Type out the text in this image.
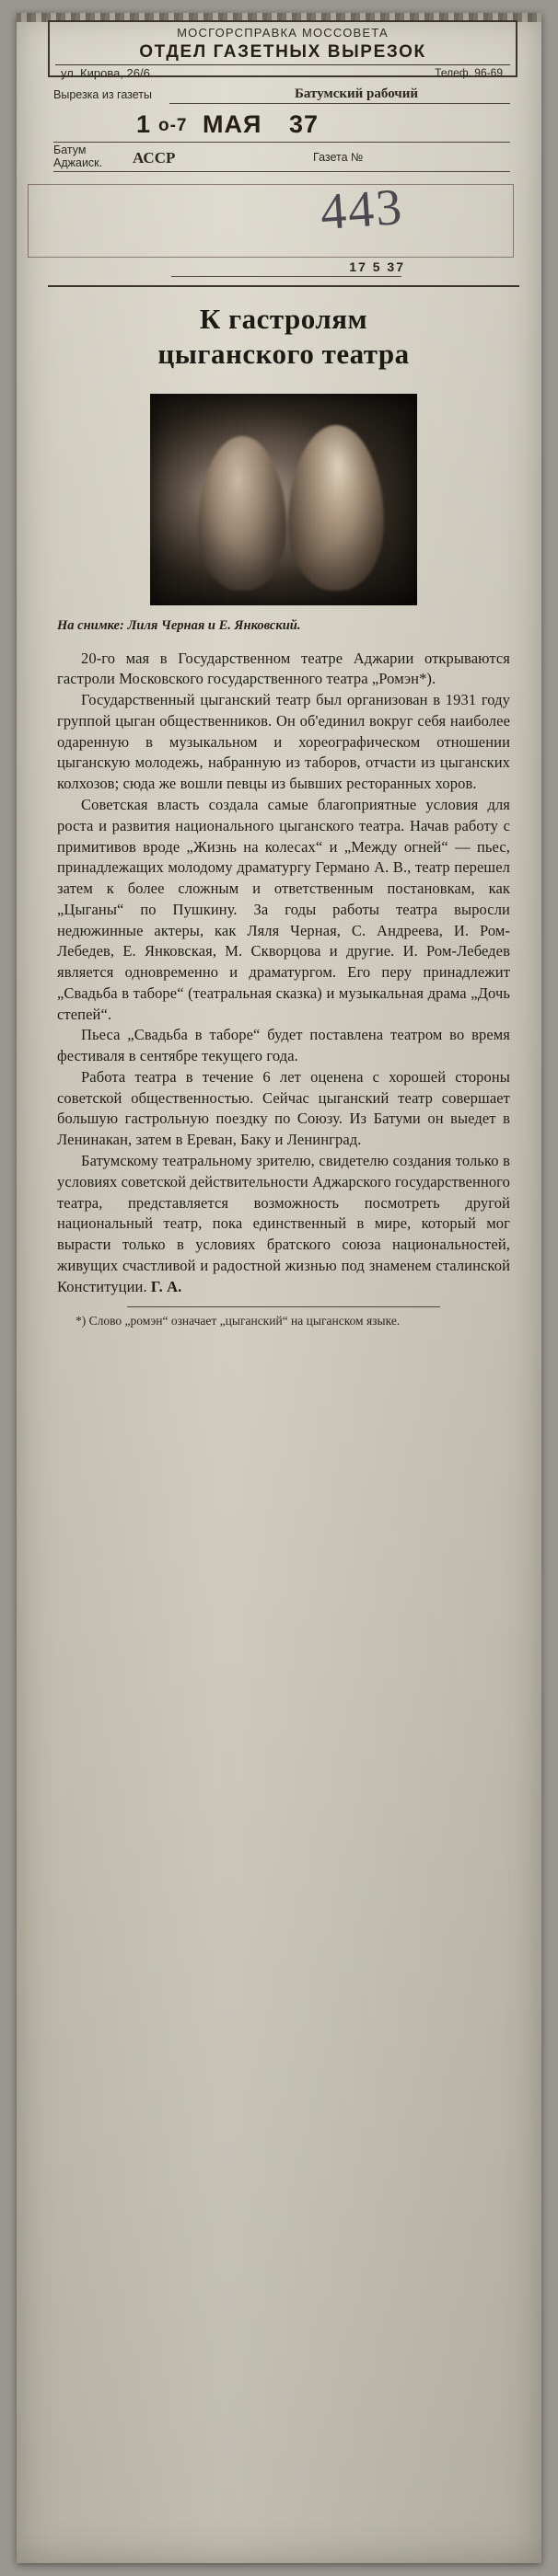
МОСГОРСПРАВКА МОССОВЕТА
ОТДЕЛ ГАЗЕТНЫХ ВЫРЕЗОК
ул. Кирова, 26/6.	Телеф. 96-69
Вырезка из газеты	Батумский рабочий
1 о-7 МАЯ 37
Батум
Аджаиск. АССР	Газета №
443
17 5 37
К гастролям
цыганского театра
На снимке: Лиля Черная и Е. Янковский.

20-го мая в Государственном театре Аджарии открываются гастроли Московского государственного театра „Ромэн*).

Государственный цыганский театр был организован в 1931 году группой цыган общественников. Он об'единил вокруг себя наиболее одаренную в музыкальном и хореографическом отношении цыганскую молодежь, набранную из таборов, отчасти из цыганских колхозов; сюда же вошли певцы из бывших ресторанных хоров.

Советская власть создала самые благоприятные условия для роста и развития национального цыганского театра. Начав работу с примитивов вроде „Жизнь на колесах“ и „Между огней“ — пьес, принадлежащих молодому драматургу Германо А. В., театр перешел затем к более сложным и ответственным постановкам, как „Цыганы“ по Пушкину. За годы работы театра выросли недюжинные актеры, как Ляля Черная, С. Андреева, И. Ром-Лебедев, Е. Янковская, М. Скворцова и другие. И. Ром-Лебедев является одновременно и драматургом. Его перу принадлежит „Свадьба в таборе“ (театральная сказка) и музыкальная драма „Дочь степей“.

Пьеса „Свадьба в таборе“ будет поставлена театром во время фестиваля в сентябре текущего года.

Работа театра в течение 6 лет оценена с хорошей стороны советской общественностью. Сейчас цыганский театр совершает большую гастрольную поездку по Союзу. Из Батуми он выедет в Ленинакан, затем в Ереван, Баку и Ленинград.

Батумскому театральному зрителю, свидетелю создания только в условиях советской действительности Аджарского государственного театра, представляется возможность посмотреть другой национальный театр, пока единственный в мире, который мог вырасти только в условиях братского союза национальностей, живущих счастливой и радостной жизнью под знаменем сталинской Конституции. Г. А.

*) Слово „ромэн“ означает „цыганский“ на цыганском языке.
